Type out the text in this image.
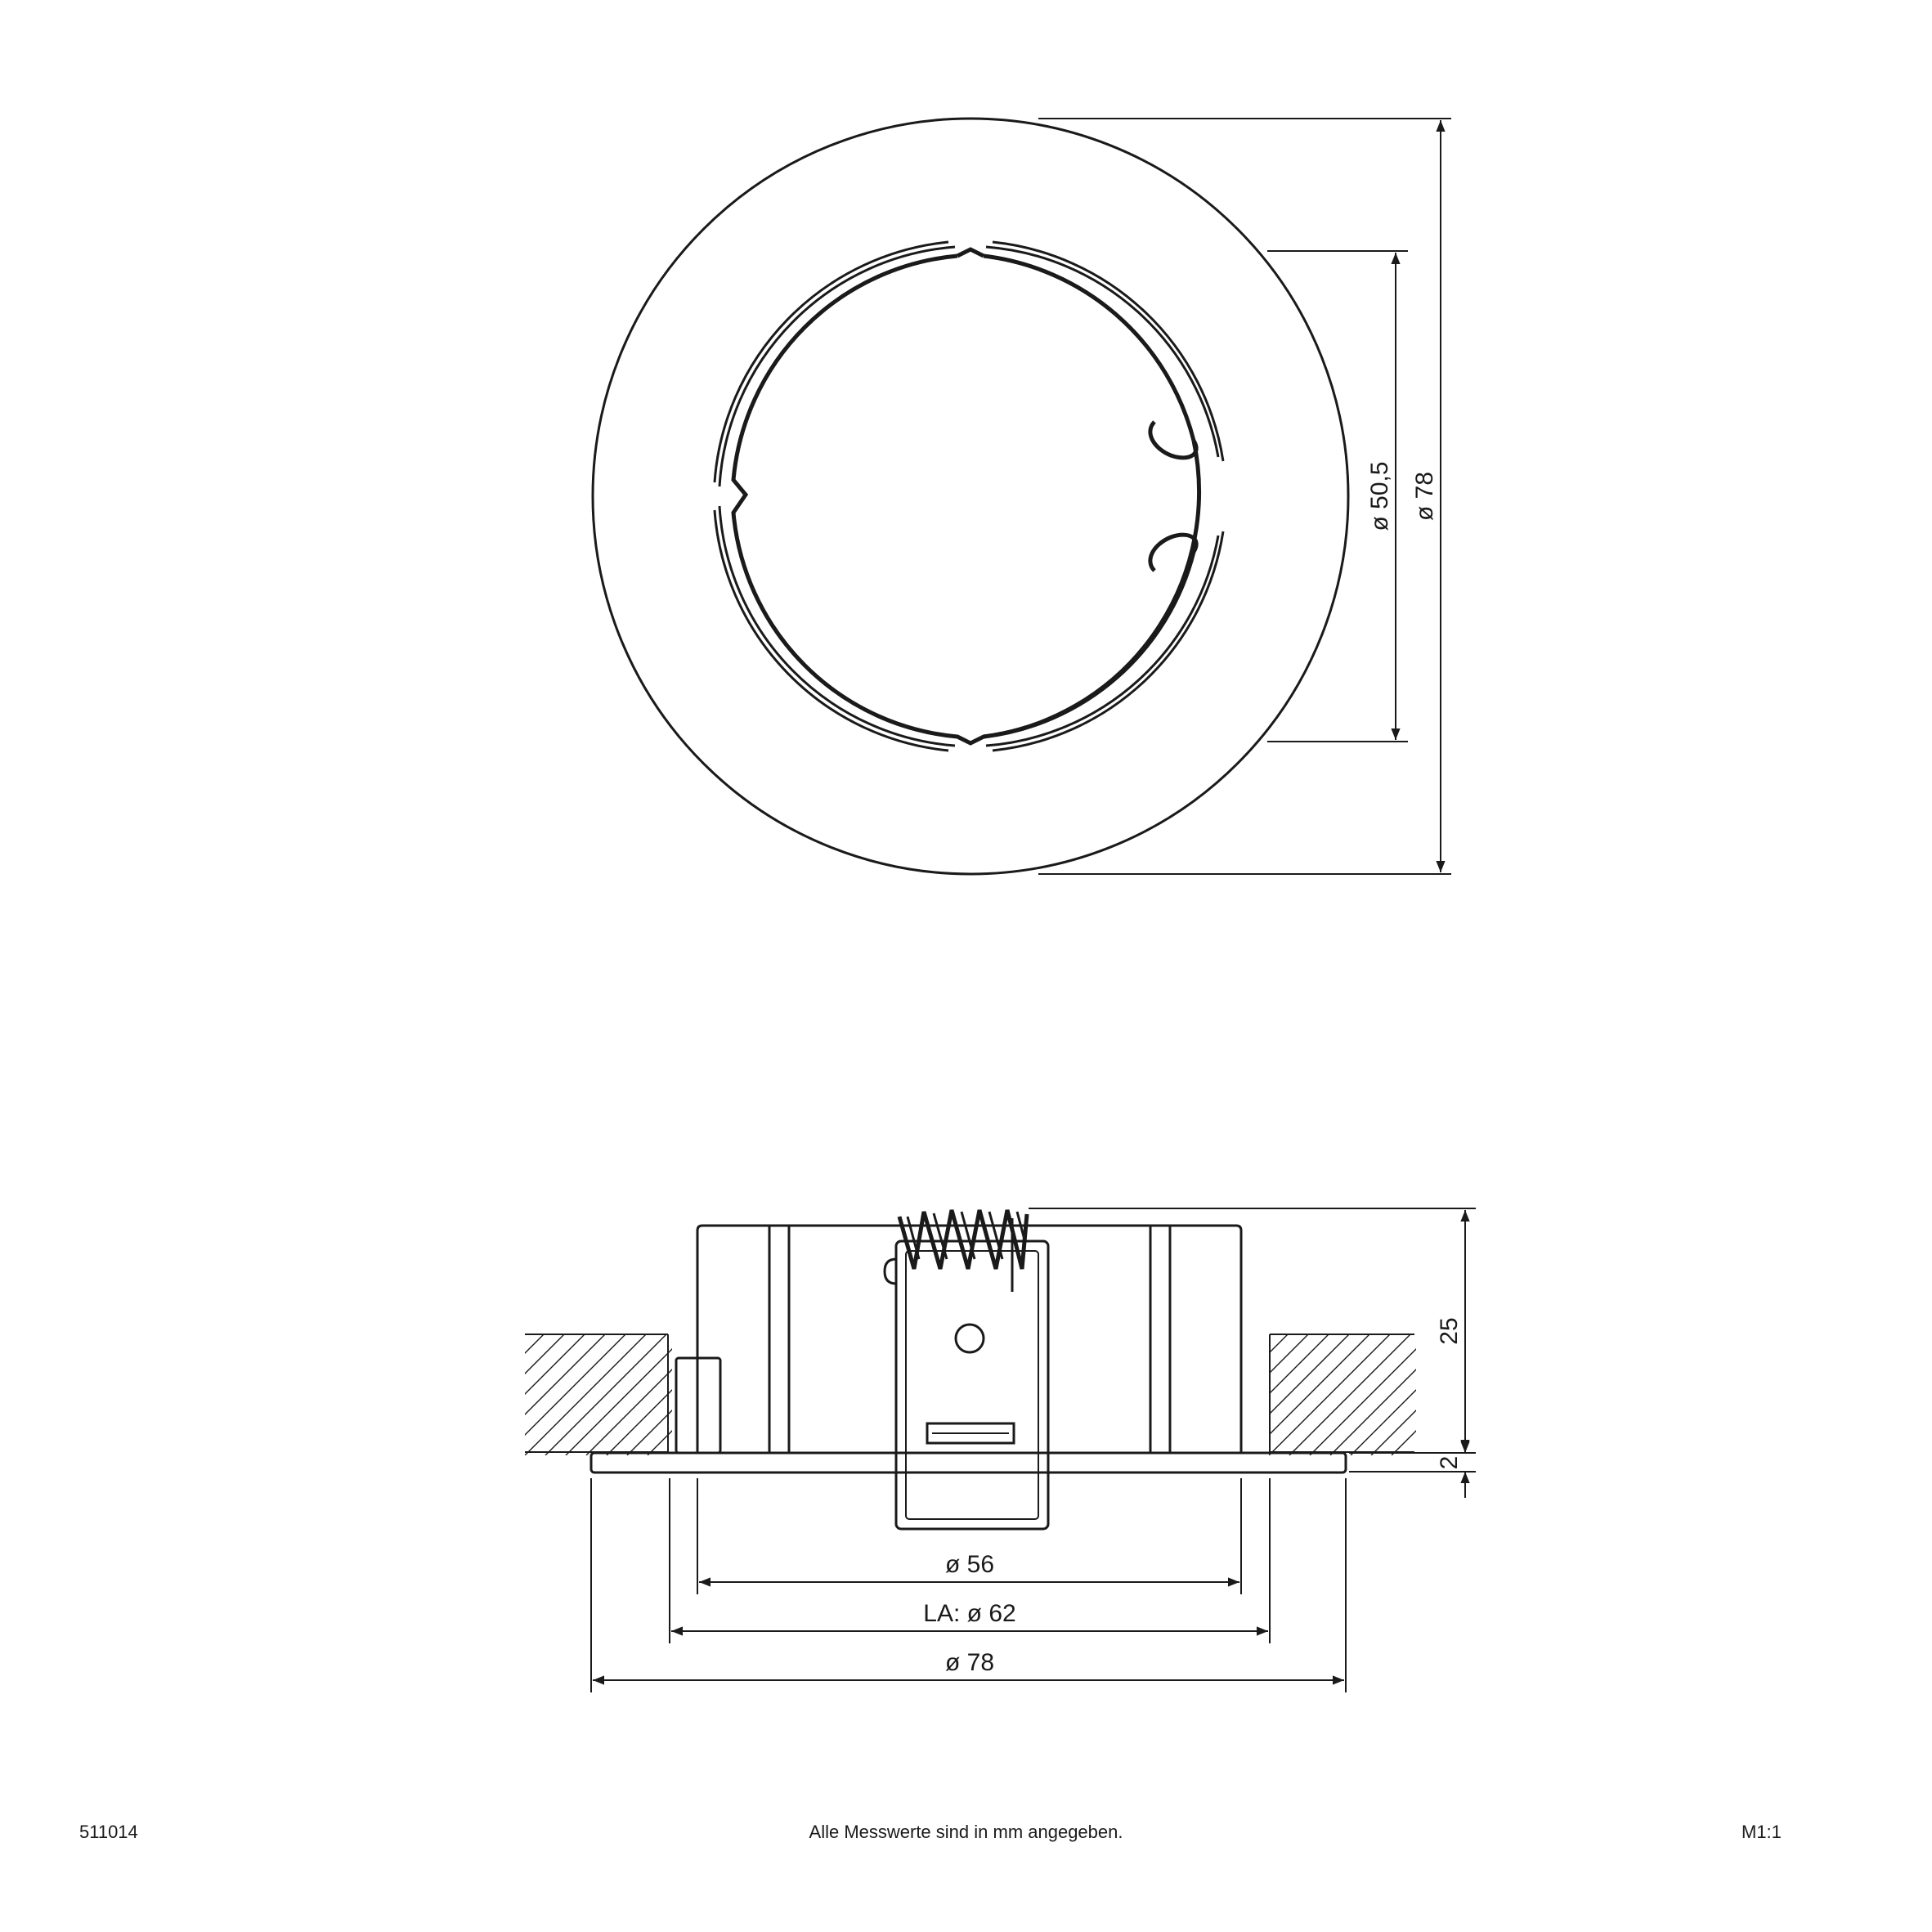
ø 50,5 ø 78
25
2
ø 56
LA: ø 62
ø 78
511014	Alle Messwerte sind in mm angegeben.	M1:1
